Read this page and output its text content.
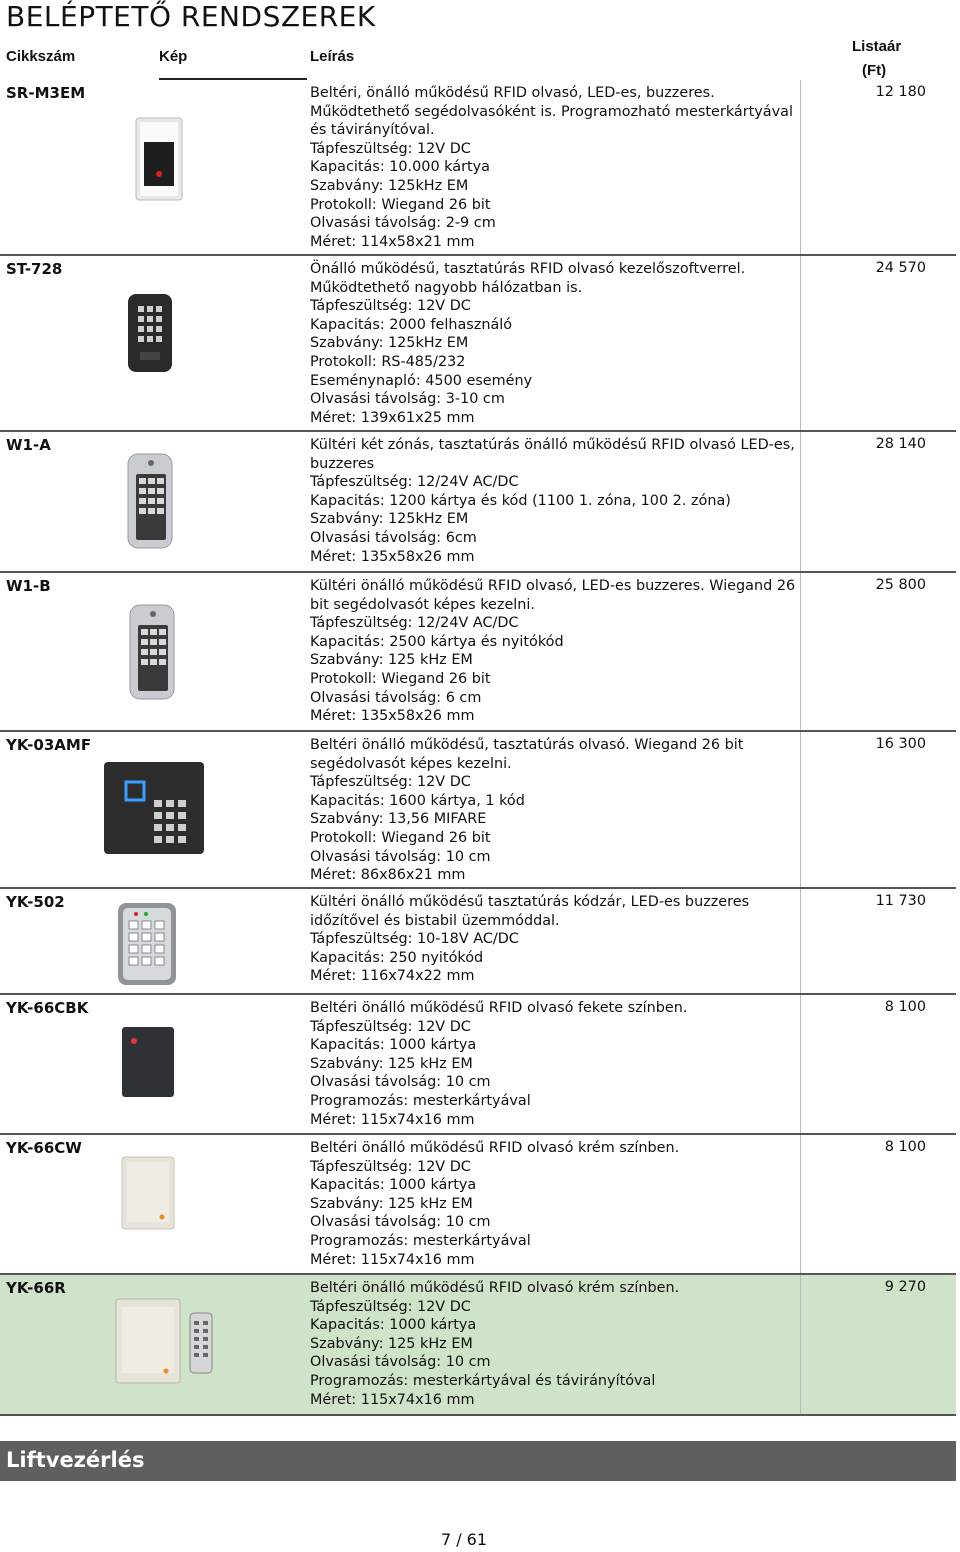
BELÉPTETŐ RENDSZEREK
Cikkszám	Kép	Leírás
Listaár
(Ft)
SR-M3EM	Beltéri, önálló működésű RFID olvasó, LED-es, buzzeres.
Működtethető segédolvasóként is. Programozható mesterkártyával
és távirányítóval.
Tápfeszültség: 12V DC
Kapacitás: 10.000 kártya
Szabvány: 125kHz EM
Protokoll: Wiegand 26 bit
Olvasási távolság: 2-9 cm
Méret: 114x58x21 mm
12 180
ST-728	Önálló működésű, tasztatúrás RFID olvasó kezelőszoftverrel.
Működtethető nagyobb hálózatban is.
Tápfeszültség: 12V DC
Kapacitás: 2000 felhasználó
Szabvány: 125kHz EM
Protokoll: RS-485/232
Eseménynapló: 4500 esemény
Olvasási távolság: 3-10 cm
Méret: 139x61x25 mm
24 570
W1-A	Kültéri két zónás, tasztatúrás önálló működésű RFID olvasó LED-es,
buzzeres
Tápfeszültség: 12/24V AC/DC
Kapacitás: 1200 kártya és kód (1100 1. zóna, 100 2. zóna)
Szabvány: 125kHz EM
Olvasási távolság: 6cm
Méret: 135x58x26 mm
28 140
W1-B	Kültéri önálló működésű RFID olvasó, LED-es buzzeres. Wiegand 26
bit segédolvasót képes kezelni.
Tápfeszültség: 12/24V AC/DC
Kapacitás: 2500 kártya és nyitókód
Szabvány: 125 kHz EM
Protokoll: Wiegand 26 bit
Olvasási távolság: 6 cm
Méret: 135x58x26 mm
25 800
YK-03AMF	Beltéri önálló működésű, tasztatúrás olvasó. Wiegand 26 bit
segédolvasót képes kezelni.
Tápfeszültség: 12V DC
Kapacitás: 1600 kártya, 1 kód
Szabvány: 13,56 MIFARE
Protokoll: Wiegand 26 bit
Olvasási távolság: 10 cm
Méret: 86x86x21 mm
16 300
YK-502	Kültéri önálló működésű tasztatúrás kódzár, LED-es buzzeres
időzítővel és bistabil üzemmóddal.
Tápfeszültség: 10-18V AC/DC
Kapacitás: 250 nyitókód
Méret: 116x74x22 mm
11 730
YK-66CBK	Beltéri önálló működésű RFID olvasó fekete színben.
Tápfeszültség: 12V DC
Kapacitás: 1000 kártya
Szabvány: 125 kHz EM
Olvasási távolság: 10 cm
Programozás: mesterkártyával
Méret: 115x74x16 mm
8 100
YK-66CW	Beltéri önálló működésű RFID olvasó krém színben.
Tápfeszültség: 12V DC
Kapacitás: 1000 kártya
Szabvány: 125 kHz EM
Olvasási távolság: 10 cm
Programozás: mesterkártyával
Méret: 115x74x16 mm
8 100
YK-66R	Beltéri önálló működésű RFID olvasó krém színben.
Tápfeszültség: 12V DC
Kapacitás: 1000 kártya
Szabvány: 125 kHz EM
Olvasási távolság: 10 cm
Programozás: mesterkártyával és távirányítóval
Méret: 115x74x16 mm
9 270
Liftvezérlés
7 / 61
